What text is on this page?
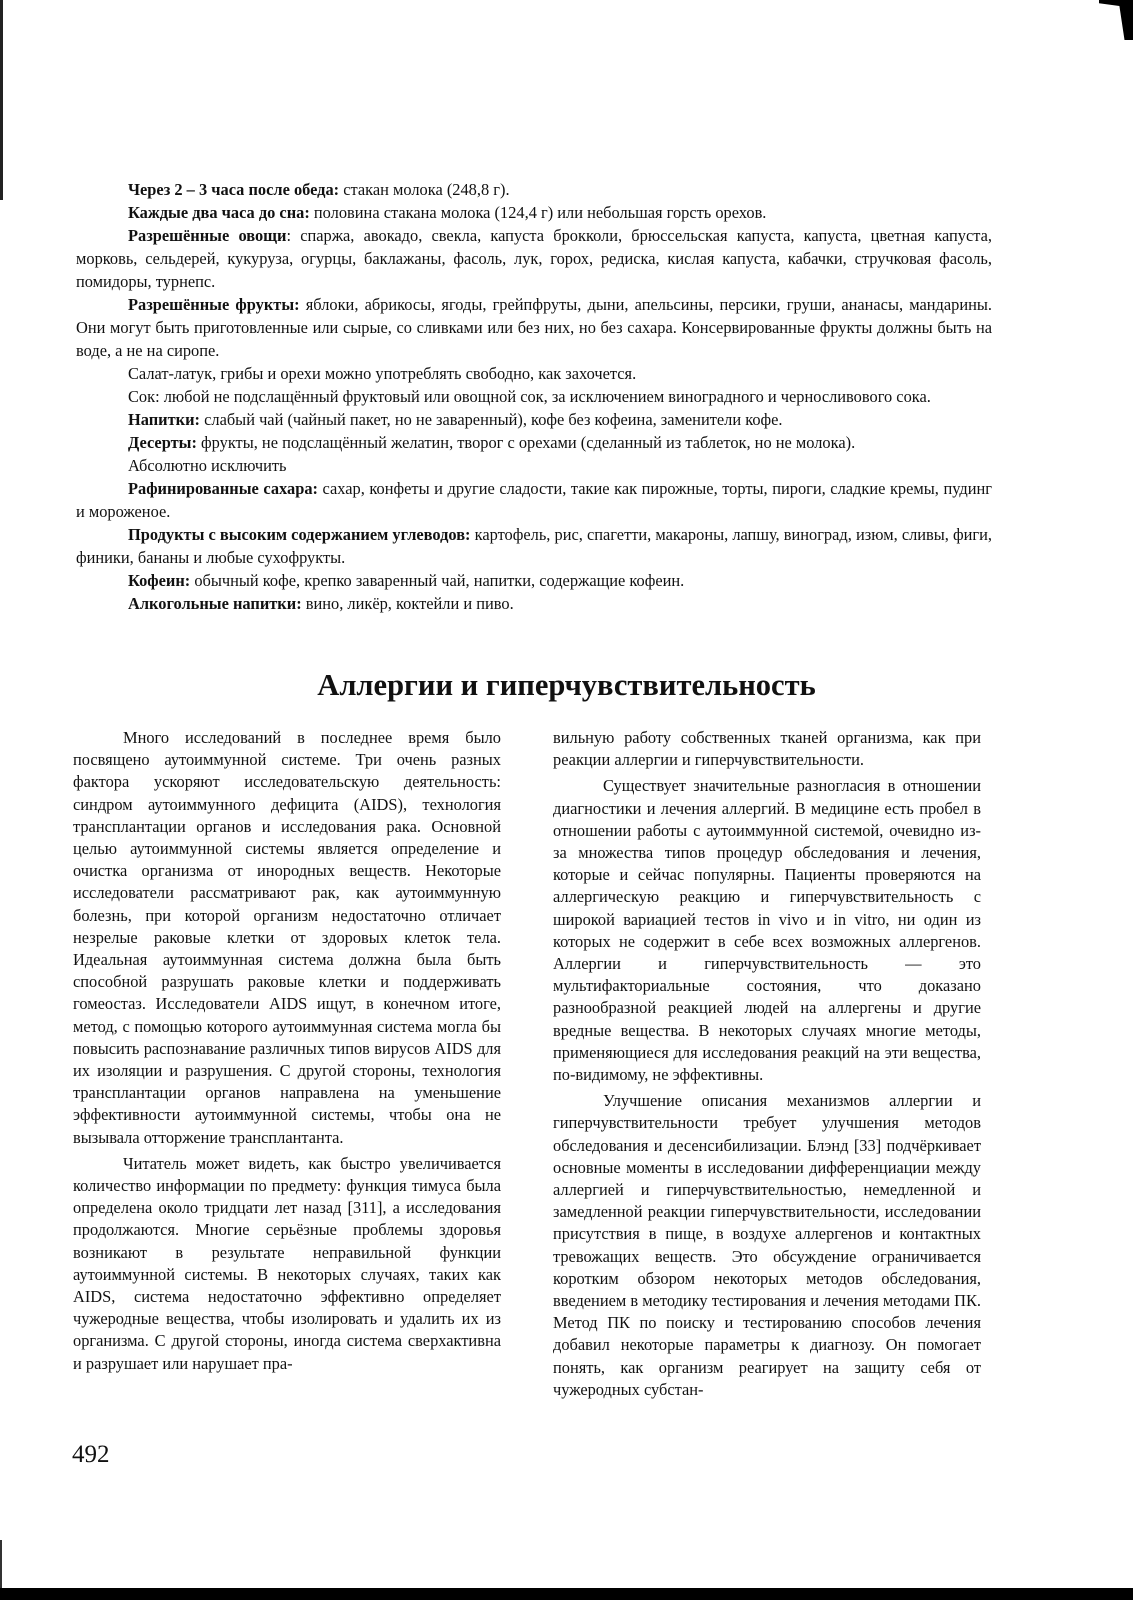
Через 2 – 3 часа после обеда: стакан молока (248,8 г).

Каждые два часа до сна: половина стакана молока (124,4 г) или небольшая горсть орехов.

Разрешённые овощи: спаржа, авокадо, свекла, капуста брокколи, брюссельская капуста, капуста, цветная капуста, морковь, сельдерей, кукуруза, огурцы, баклажаны, фасоль, лук, горох, редиска, кислая капуста, кабачки, стручковая фасоль, помидоры, турнепс.

Разрешённые фрукты: яблоки, абрикосы, ягоды, грейпфруты, дыни, апельсины, персики, груши, ананасы, мандарины. Они могут быть приготовленные или сырые, со сливками или без них, но без сахара. Консервированные фрукты должны быть на воде, а не на сиропе.

Салат-латук, грибы и орехи можно употреблять свободно, как захочется.

Сок: любой не подслащённый фруктовый или овощной сок, за исключением виноградного и черносливового сока.

Напитки: слабый чай (чайный пакет, но не заваренный), кофе без кофеина, заменители кофе.

Десерты: фрукты, не подслащённый желатин, творог с орехами (сделанный из таблеток, но не молока).

Абсолютно исключить

Рафинированные сахара: сахар, конфеты и другие сладости, такие как пирожные, торты, пироги, сладкие кремы, пудинг и мороженое.

Продукты с высоким содержанием углеводов: картофель, рис, спагетти, макароны, лапшу, виноград, изюм, сливы, фиги, финики, бананы и любые сухофрукты.

Кофеин: обычный кофе, крепко заваренный чай, напитки, содержащие кофеин.

Алкогольные напитки: вино, ликёр, коктейли и пиво.

Аллергии и гиперчувствительность

Много исследований в последнее время было посвящено аутоиммунной системе. Три очень разных фактора ускоряют исследовательскую деятельность: синдром аутоиммунного дефицита (AIDS), технология трансплантации органов и исследования рака. Основной целью аутоиммунной системы является определение и очистка организма от инородных веществ. Некоторые исследователи рассматривают рак, как аутоиммунную болезнь, при которой организм недостаточно отличает незрелые раковые клетки от здоровых клеток тела. Идеальная аутоиммунная система должна была быть способной разрушать раковые клетки и поддерживать гомеостаз. Исследователи AIDS ищут, в конечном итоге, метод, с помощью которого аутоиммунная система могла бы повысить распознавание различных типов вирусов AIDS для их изоляции и разрушения. С другой стороны, технология трансплантации органов направлена на уменьшение эффективности аутоиммунной системы, чтобы она не вызывала отторжение трансплантанта.

Читатель может видеть, как быстро увеличивается количество информации по предмету: функция тимуса была определена около тридцати лет назад [311], а исследования продолжаются. Многие серьёзные проблемы здоровья возникают в результате неправильной функции аутоиммунной системы. В некоторых случаях, таких как AIDS, система недостаточно эффективно определяет чужеродные вещества, чтобы изолировать и удалить их из организма. С другой стороны, иногда система сверхактивна и разрушает или нарушает пра-

вильную работу собственных тканей организма, как при реакции аллергии и гиперчувствительности.

Существует значительные разногласия в отношении диагностики и лечения аллергий. В медицине есть пробел в отношении работы с аутоиммунной системой, очевидно из-за множества типов процедур обследования и лечения, которые и сейчас популярны. Пациенты проверяются на аллергическую реакцию и гиперчувствительность с широкой вариацией тестов in vivo и in vitro, ни один из которых не содержит в себе всех возможных аллергенов. Аллергии и гиперчувствительность — это мультифакториальные состояния, что доказано разнообразной реакцией людей на аллергены и другие вредные вещества. В некоторых случаях многие методы, применяющиеся для исследования реакций на эти вещества, по-видимому, не эффективны.

Улучшение описания механизмов аллергии и гиперчувствительности требует улучшения методов обследования и десенсибилизации. Блэнд [33] подчёркивает основные моменты в исследовании дифференциации между аллергией и гиперчувствительностью, немедленной и замедленной реакции гиперчувствительности, исследовании присутствия в пище, в воздухе аллергенов и контактных тревожащих веществ. Это обсуждение ограничивается коротким обзором некоторых методов обследования, введением в методику тестирования и лечения методами ПК. Метод ПК по поиску и тестированию способов лечения добавил некоторые параметры к диагнозу. Он помогает понять, как организм реагирует на защиту себя от чужеродных субстан-

492
